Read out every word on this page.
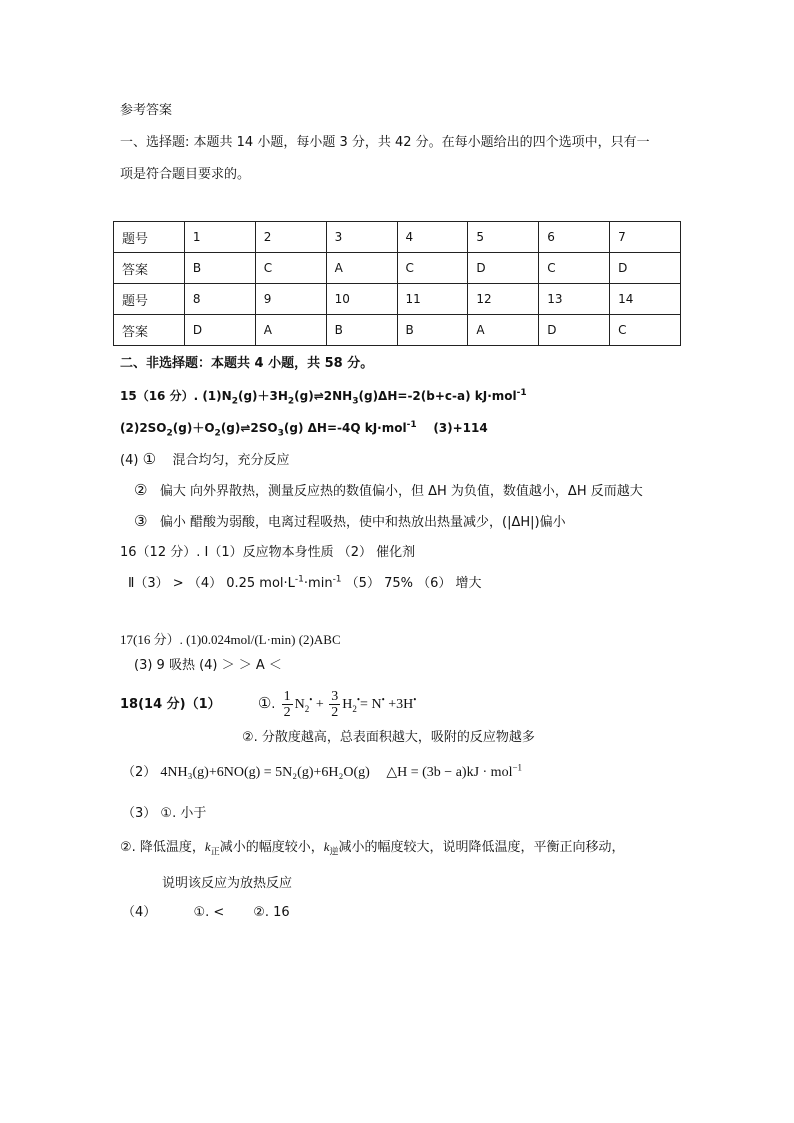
参考答案
一、选择题: 本题共 14 小题，每小题 3 分，共 42 分。在每小题给出的四个选项中，只有一
项是符合题目要求的。
题号	1	2	3	4	5	6	7
答案	B	C	A	C	D	C	D
题号	8	9	10	11	12	13	14
答案	D	A	B	B	A	D	C
二、非选择题：本题共 4 小题，共 58 分。
15（16 分）. $(1)N_2(g)+3H_2(g)\rightleftharpoons 2NH_3(g)\Delta H=-2(b+c-a)$ kJ·mol$^{-1}$
$(2)2SO_2(g)+O_2(g)\rightleftharpoons 2SO_3(g)$ ΔH=-4Q kJ·mol$^{-1}$ (3)+114
(4) ① 混合均匀，充分反应
② 偏大 向外界散热，测量反应热的数值偏小，但 ΔH 为负值，数值越小，ΔH 反而越大
③ 偏小 醋酸为弱酸，电离过程吸热，使中和热放出热量减少，(|ΔH|)偏小
16（12 分）. Ⅰ（1）反应物本身性质 （2） 催化剂
Ⅱ（3） > （4） 0.25 $mol\cdot L^{-1}\cdot\min^{-1}$ （5） 75% （6） 增大
17(16 分）. (1)0.024mol/(L·min) (2)ABC
(3) 9 吸热 (4) ＞ ＞ A ＜
18(14 分)（1） ①. $\frac{1}{2} N_2^• + \frac{3}{2} H_2^•= N^• +3H^•$
②. 分散度越高，总表面积越大，吸附的反应物越多
（2） 4NH₃(g)+6NO(g) = 5N₂(g)+6H₂O(g) △H = (3b − a)kJ · mol$^{-1}$
（3） ①. 小于
②. 降低温度，$k_正$减小的幅度较小，$k_逆$减小的幅度较大，说明降低温度，平衡正向移动，
说明该反应为放热反应
（4）	①. < ②. 16
